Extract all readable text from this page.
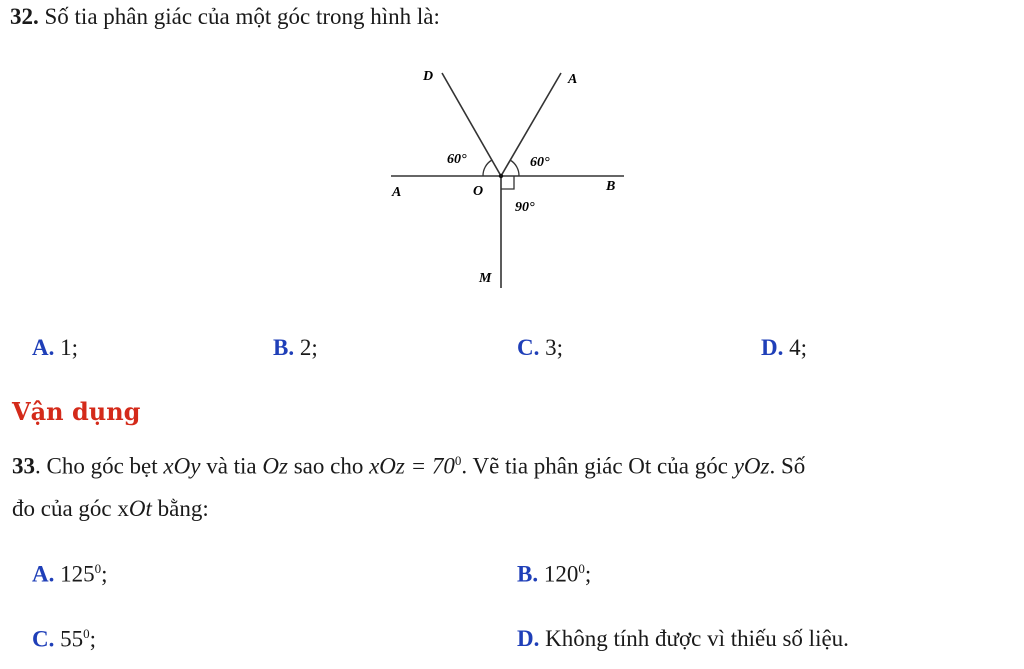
32. Số tia phân giác của một góc trong hình là:
D	A
A	O	B
M
60°	60°
90°
A. 1;	B. 2;	C. 3;	D. 4;
Vận dụng
33. Cho góc bẹt xOy và tia Oz sao cho xOz = $70^0$. Vẽ tia phân giác Ot của góc yOz. Số
đo của góc xOt bằng:
A. $125^0$;	B. $120^0$;
C. $55^0$;	D. Không tính được vì thiếu số liệu.
